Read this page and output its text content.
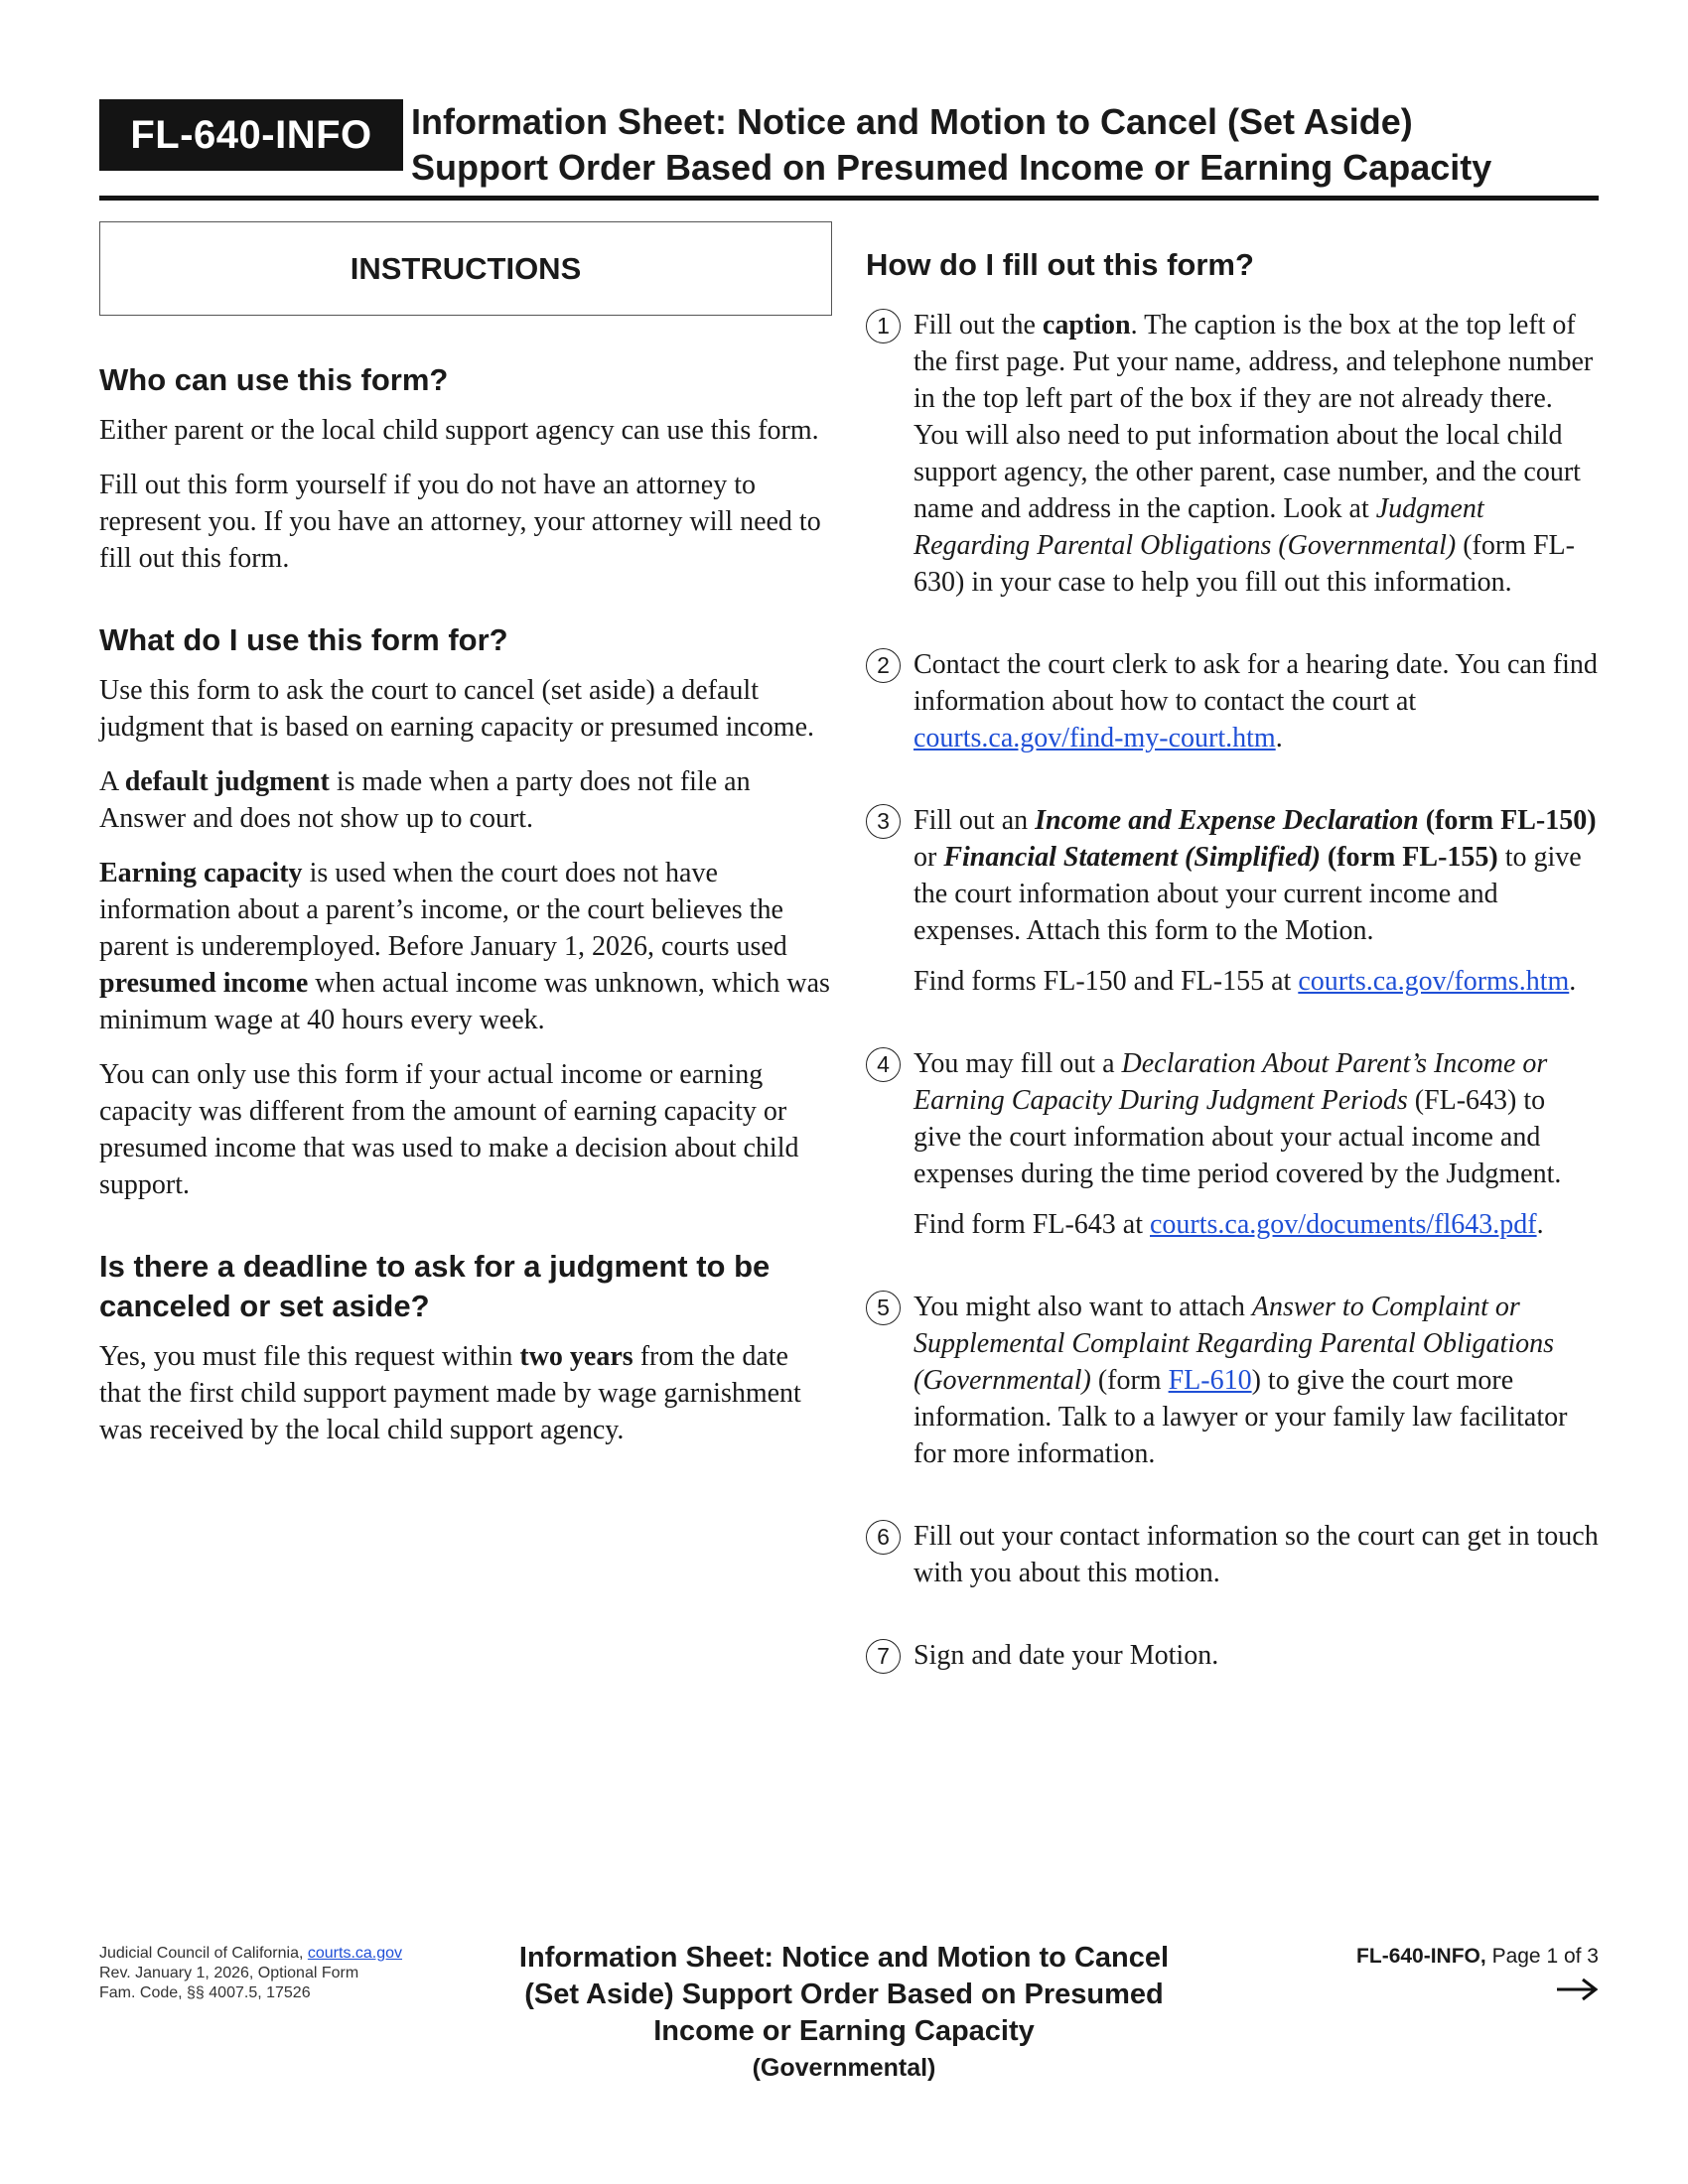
FL-640-INFO	Information Sheet: Notice and Motion to Cancel (Set Aside)
Support Order Based on Presumed Income or Earning Capacity
INSTRUCTIONS
Who can use this form?

Either parent or the local child support agency can use this form.

Fill out this form yourself if you do not have an attorney to represent you. If you have an attorney, your attorney will need to fill out this form.

What do I use this form for?

Use this form to ask the court to cancel (set aside) a default judgment that is based on earning capacity or presumed income.

A default judgment is made when a party does not file an Answer and does not show up to court.

Earning capacity is used when the court does not have information about a parent’s income, or the court believes the parent is underemployed. Before January 1, 2026, courts used presumed income when actual income was unknown, which was minimum wage at 40 hours every week.

You can only use this form if your actual income or earning capacity was different from the amount of earning capacity or presumed income that was used to make a decision about child support.

Is there a deadline to ask for a judgment to be canceled or set aside?

Yes, you must file this request within two years from the date that the first child support payment made by wage garnishment was received by the local child support agency.

How do I fill out this form?
1 Fill out the caption. The caption is the box at the top left of the first page. Put your name, address, and telephone number in the top left part of the box if they are not already there. You will also need to put information about the local child support agency, the other parent, case number, and the court name and address in the caption. Look at Judgment Regarding Parental Obligations (Governmental) (form FL-630) in your case to help you fill out this information.

2 Contact the court clerk to ask for a hearing date. You can find information about how to contact the court at courts.ca.gov/find-my-court.htm.

3 Fill out an Income and Expense Declaration (form FL-150) or Financial Statement (Simplified) (form FL-155) to give the court information about your current income and expenses. Attach this form to the Motion.

Find forms FL-150 and FL-155 at courts.ca.gov/forms.htm.

4 You may fill out a Declaration About Parent’s Income or Earning Capacity During Judgment Periods (FL-643) to give the court information about your actual income and expenses during the time period covered by the Judgment.

Find form FL-643 at courts.ca.gov/documents/fl643.pdf.

5 You might also want to attach Answer to Complaint or Supplemental Complaint Regarding Parental Obligations (Governmental) (form FL-610) to give the court more information. Talk to a lawyer or your family law facilitator for more information.

6 Fill out your contact information so the court can get in touch with you about this motion.

7 Sign and date your Motion.

Judicial Council of California, courts.ca.gov
Rev. January 1, 2026, Optional Form
Fam. Code, §§ 4007.5, 17526
Information Sheet: Notice and Motion to Cancel
(Set Aside) Support Order Based on Presumed
Income or Earning Capacity
(Governmental)
FL-640-INFO, Page 1 of 3
